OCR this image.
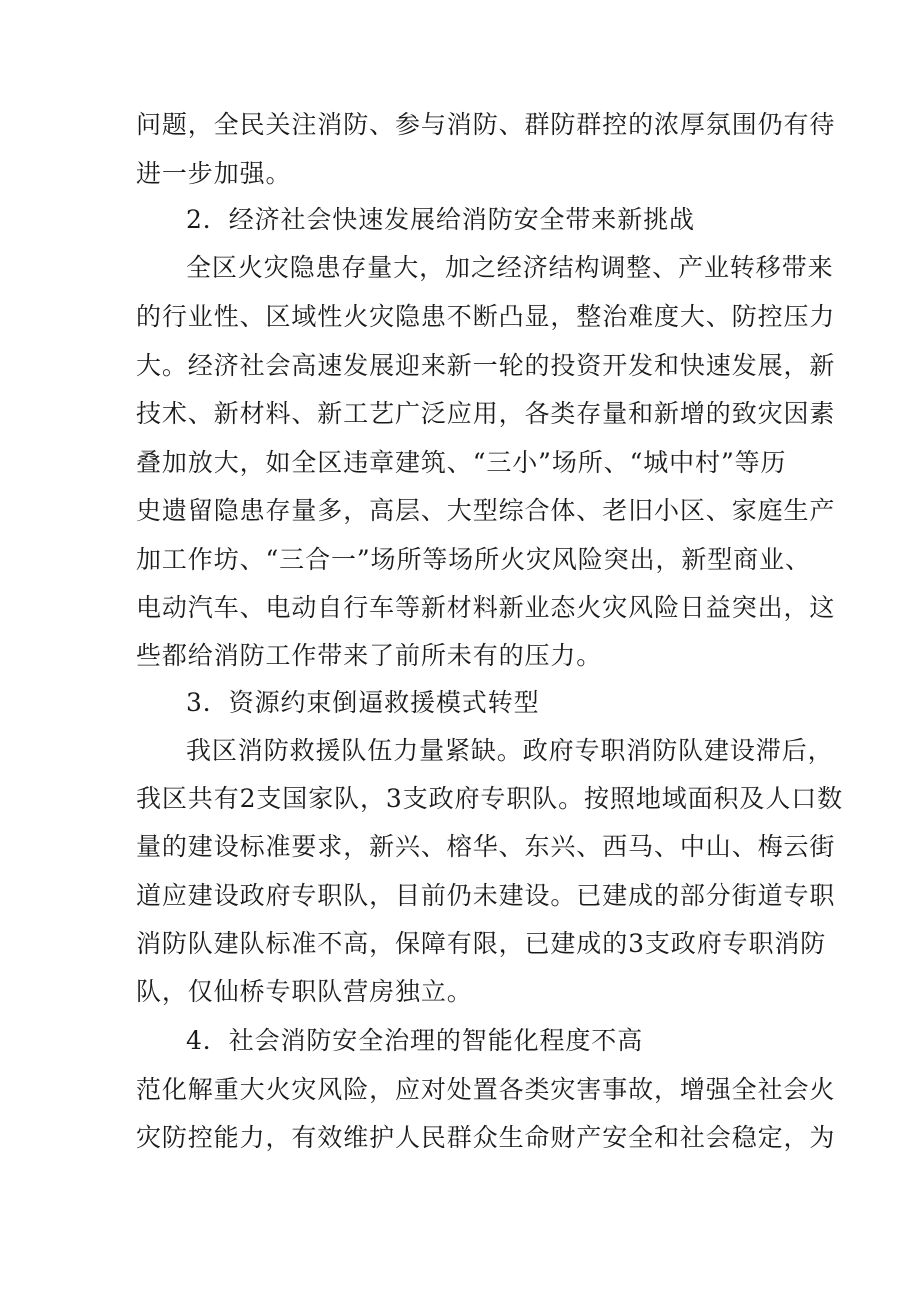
问题，全民关注消防、参与消防、群防群控的浓厚氛围仍有待
进一步加强。
2．经济社会快速发展给消防安全带来新挑战
全区火灾隐患存量大，加之经济结构调整、产业转移带来
的行业性、区域性火灾隐患不断凸显，整治难度大、防控压力
大。经济社会高速发展迎来新一轮的投资开发和快速发展，新
技术、新材料、新工艺广泛应用，各类存量和新增的致灾因素
叠加放大，如全区违章建筑、“三小”场所、“城中村”等历
史遗留隐患存量多，高层、大型综合体、老旧小区、家庭生产
加工作坊、“三合一”场所等场所火灾风险突出，新型商业、
电动汽车、电动自行车等新材料新业态火灾风险日益突出，这
些都给消防工作带来了前所未有的压力。
3．资源约束倒逼救援模式转型
我区消防救援队伍力量紧缺。政府专职消防队建设滞后，
我区共有2支国家队，3支政府专职队。按照地域面积及人口数
量的建设标准要求，新兴、榕华、东兴、西马、中山、梅云街
道应建设政府专职队，目前仍未建设。已建成的部分街道专职
消防队建队标准不高，保障有限，已建成的3支政府专职消防
队，仅仙桥专职队营房独立。
4．社会消防安全治理的智能化程度不高
范化解重大火灾风险，应对处置各类灾害事故，增强全社会火
灾防控能力，有效维护人民群众生命财产安全和社会稳定，为
